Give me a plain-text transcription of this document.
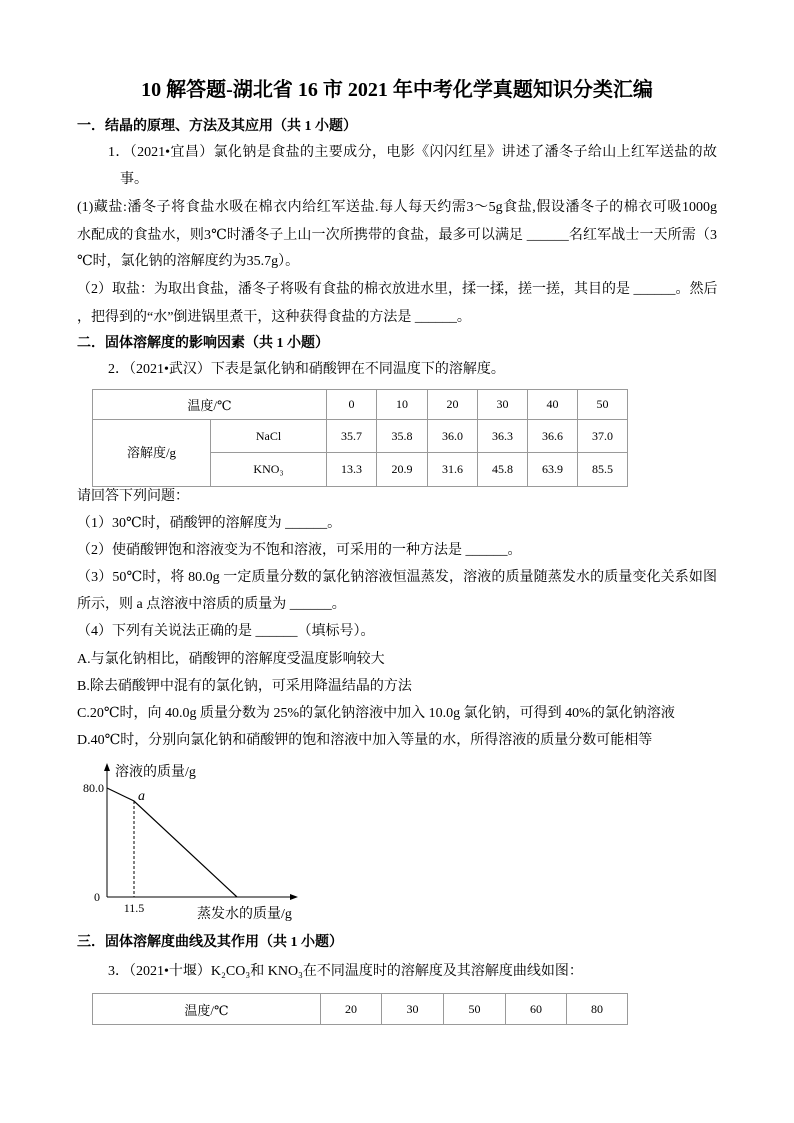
10 解答题-湖北省 16 市 2021 年中考化学真题知识分类汇编
一．结晶的原理、方法及其应用（共 1 小题）
1．（2021•宜昌）氯化钠是食盐的主要成分，电影《闪闪红星》讲述了潘冬子给山上红军送盐的故
事。
(1)藏盐:潘冬子将食盐水吸在棉衣内给红军送盐.每人每天约需3～5g食盐,假设潘冬子的棉衣可吸1000g
水配成的食盐水，则3℃时潘冬子上山一次所携带的食盐，最多可以满足 ______名红军战士一天所需（3
℃时，氯化钠的溶解度约为35.7g）。
（2）取盐：为取出食盐，潘冬子将吸有食盐的棉衣放进水里，揉一揉，搓一搓，其目的是 ______。然后
，把得到的“水”倒进锅里煮干，这种获得食盐的方法是 ______。
二．固体溶解度的影响因素（共 1 小题）
2．（2021•武汉）下表是氯化钠和硝酸钾在不同温度下的溶解度。
温度/℃		0	10	20	30	40	50
溶解度/g	NaCl	35.7	35.8	36.0	36.3	36.6	37.0
	KNO₃	13.3	20.9	31.6	45.8	63.9	85.5
请回答下列问题：
（1）30℃时，硝酸钾的溶解度为 ______。
（2）使硝酸钾饱和溶液变为不饱和溶液，可采用的一种方法是 ______。
（3）50℃时，将 80.0g 一定质量分数的氯化钠溶液恒温蒸发，溶液的质量随蒸发水的质量变化关系如图
所示，则 a 点溶液中溶质的质量为 ______。
（4）下列有关说法正确的是 ______（填标号）。
A.与氯化钠相比，硝酸钾的溶解度受温度影响较大
B.除去硝酸钾中混有的氯化钠，可采用降温结晶的方法
C.20℃时，向 40.0g 质量分数为 25%的氯化钠溶液中加入 10.0g 氯化钠，可得到 40%的氯化钠溶液
D.40℃时，分别向氯化钠和硝酸钾的饱和溶液中加入等量的水，所得溶液的质量分数可能相等
溶液的质量/g
80.0
a
0
11.5	蒸发水的质量/g
三．固体溶解度曲线及其作用（共 1 小题）
3．（2021•十堰）K₂CO₃和 KNO₃在不同温度时的溶解度及其溶解度曲线如图：
温度/℃	20	30	50	60	80
